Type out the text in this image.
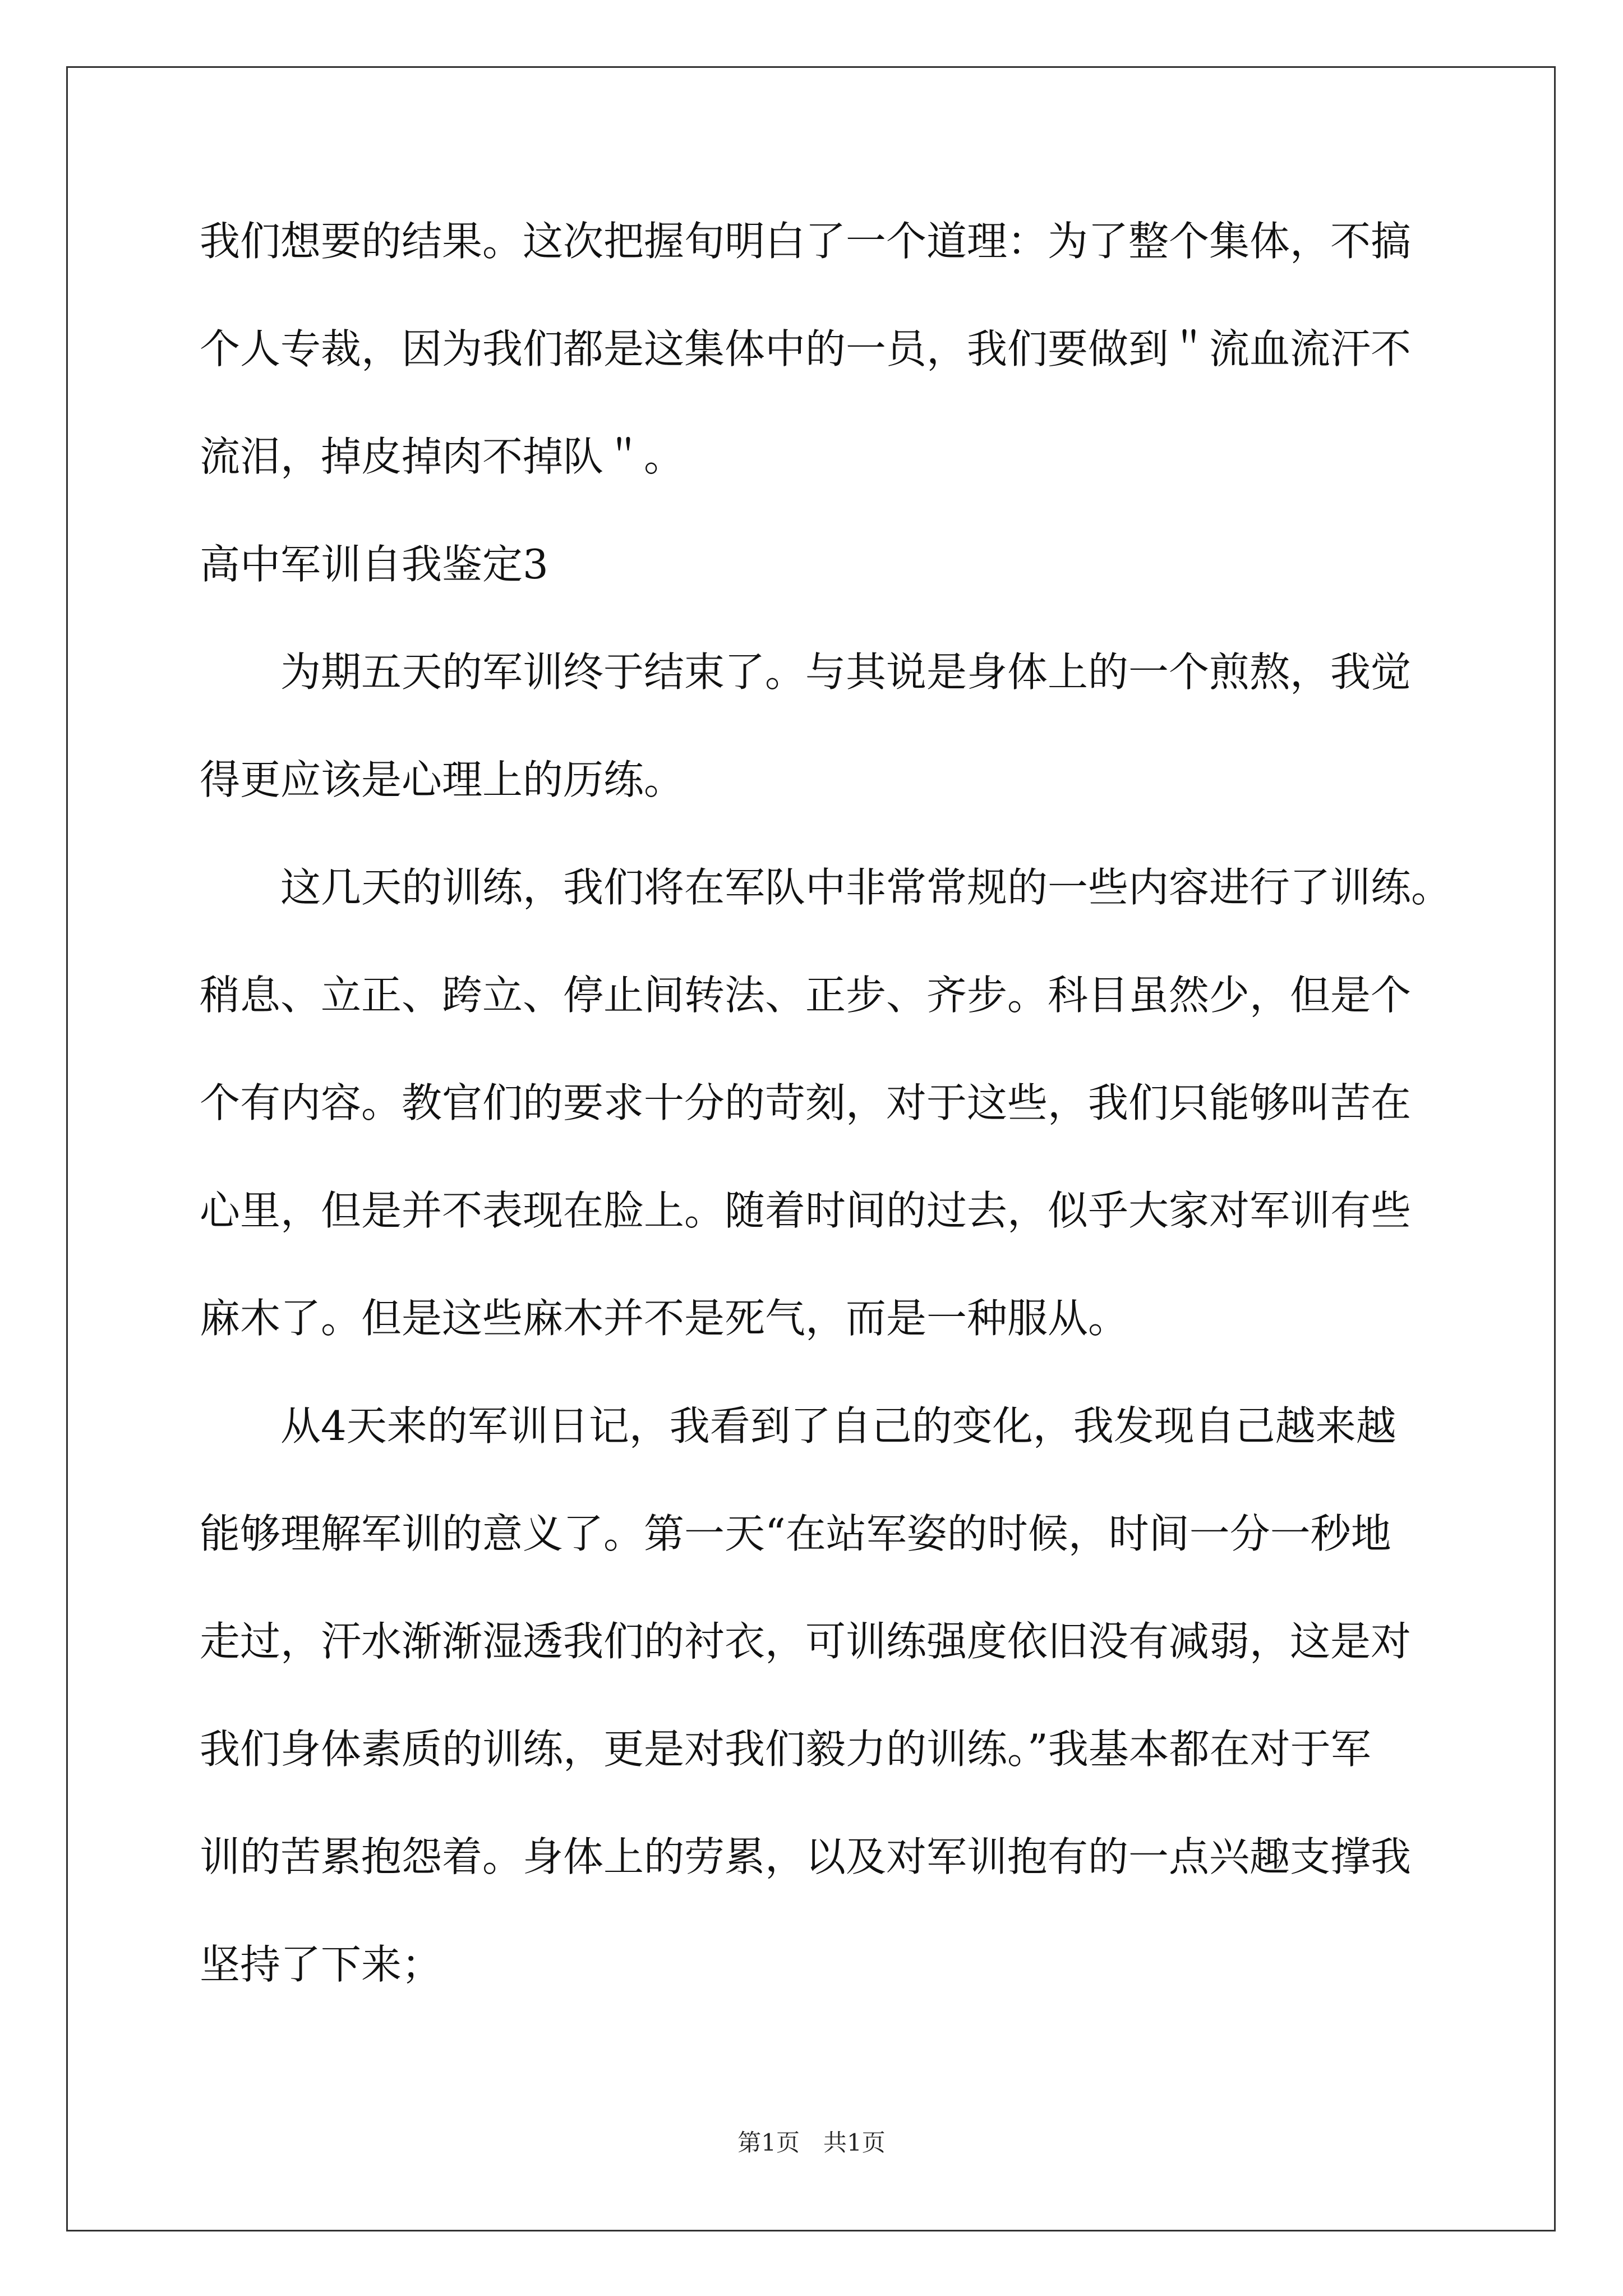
我们想要的结果。这次把握旬明白了一个道理：为了整个集体，不搞
个人专裁，因为我们都是这集体中的一员，我们要做到＂流血流汗不
流泪，掉皮掉肉不掉队＂。
高中军训自我鉴定3
为期五天的军训终于结束了。与其说是身体上的一个煎熬，我觉
得更应该是心理上的历练。
这几天的训练，我们将在军队中非常常规的一些内容进行了训练。
稍息、立正、跨立、停止间转法、正步、齐步。科目虽然少，但是个
个有内容。教官们的要求十分的苛刻，对于这些，我们只能够叫苦在
心里，但是并不表现在脸上。随着时间的过去，似乎大家对军训有些
麻木了。但是这些麻木并不是死气，而是一种服从。
从4天来的军训日记，我看到了自己的变化，我发现自己越来越
能够理解军训的意义了。第一天“在站军姿的时候，时间一分一秒地
走过，汗水渐渐湿透我们的衬衣，可训练强度依旧没有减弱，这是对
我们身体素质的训练，更是对我们毅力的训练。”我基本都在对于军
训的苦累抱怨着。身体上的劳累，以及对军训抱有的一点兴趣支撑我
坚持了下来；
第1页　共1页
